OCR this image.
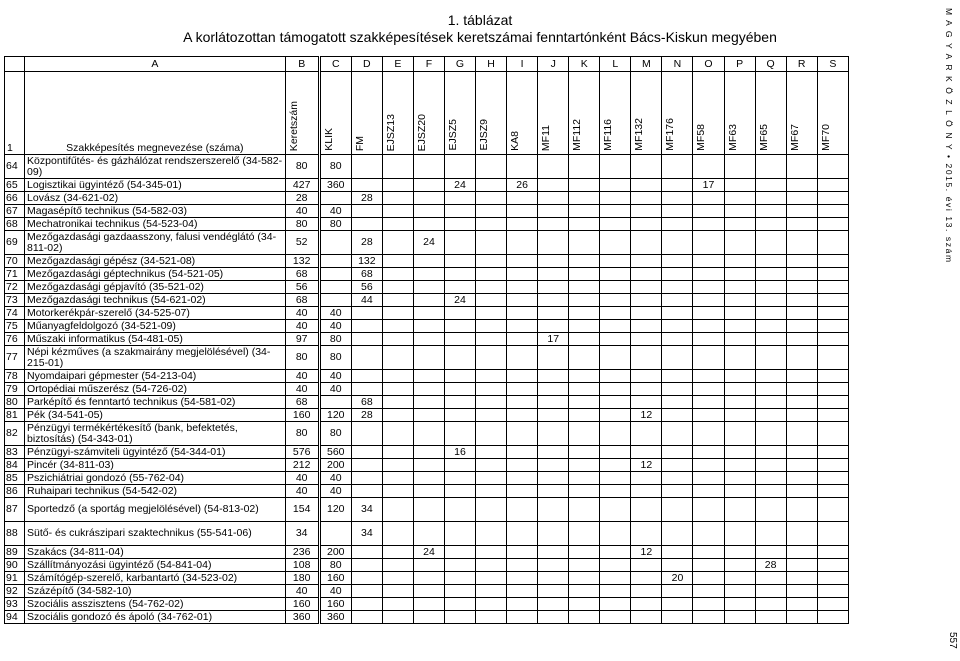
1. táblázat
A korlátozottan támogatott szakképesítések keretszámai fenntartónként Bács-Kiskun megyében	M A G Y A R K Ö Z L Ö N Y • 2015. évi 13. szám
557
	A	B	C	D	E	F	G	H	I	J	K	L	M	N	O	P	Q	R	S
1	Szakképesítés megnevezése (száma)	Keretszám	KLIK	FM	EJSZ13	EJSZ20	EJSZ5	EJSZ9	KA8	MF11	MF112	MF116	MF132	MF176	MF58	MF63	MF65	MF67	MF70
64	Központifűtés- és gázhálózat rendszerszerelő (34-582-09)	80	80																
65	Logisztikai ügyintéző (54-345-01)	427	360				24		26						17				
66	Lovász (34-621-02)	28		28															
67	Magasépítő technikus (54-582-03)	40	40																
68	Mechatronikai technikus (54-523-04)	80	80																
69	Mezőgazdasági gazdaasszony, falusi vendéglátó (34-811-02)	52		28		24													
70	Mezőgazdasági gépész (34-521-08)	132		132															
71	Mezőgazdasági géptechnikus (54-521-05)	68		68															
72	Mezőgazdasági gépjavító (35-521-02)	56		56															
73	Mezőgazdasági technikus (54-621-02)	68		44			24												
74	Motorkerékpár-szerelő (34-525-07)	40	40																
75	Műanyagfeldolgozó (34-521-09)	40	40																
76	Műszaki informatikus (54-481-05)	97	80							17									
77	Népi kézműves (a szakmairány megjelölésével) (34-215-01)	80	80																
78	Nyomdaipari gépmester (54-213-04)	40	40																
79	Ortopédiai műszerész (54-726-02)	40	40																
80	Parképítő és fenntartó technikus (54-581-02)	68		68															
81	Pék (34-541-05)	160	120	28									12						
82	Pénzügyi termékértékesítő (bank, befektetés, biztosítás) (54-343-01)	80	80																
83	Pénzügyi-számviteli ügyintéző (54-344-01)	576	560				16												
84	Pincér (34-811-03)	212	200										12						
85	Pszichiátriai gondozó (55-762-04)	40	40																
86	Ruhaipari technikus (54-542-02)	40	40																
87	Sportedző (a sportág megjelölésével) (54-813-02)	154	120	34															
88	Sütő- és cukrászipari szaktechnikus (55-541-06)	34		34															
89	Szakács (34-811-04)	236	200			24							12						
90	Szállítmányozási ügyintéző (54-841-04)	108	80														28		
91	Számítógép-szerelő, karbantartó (34-523-02)	180	160											20					
92	Százépítő (34-582-10)	40	40																
93	Szociális asszisztens (54-762-02)	160	160																
94	Szociális gondozó és ápoló (34-762-01)	360	360																
